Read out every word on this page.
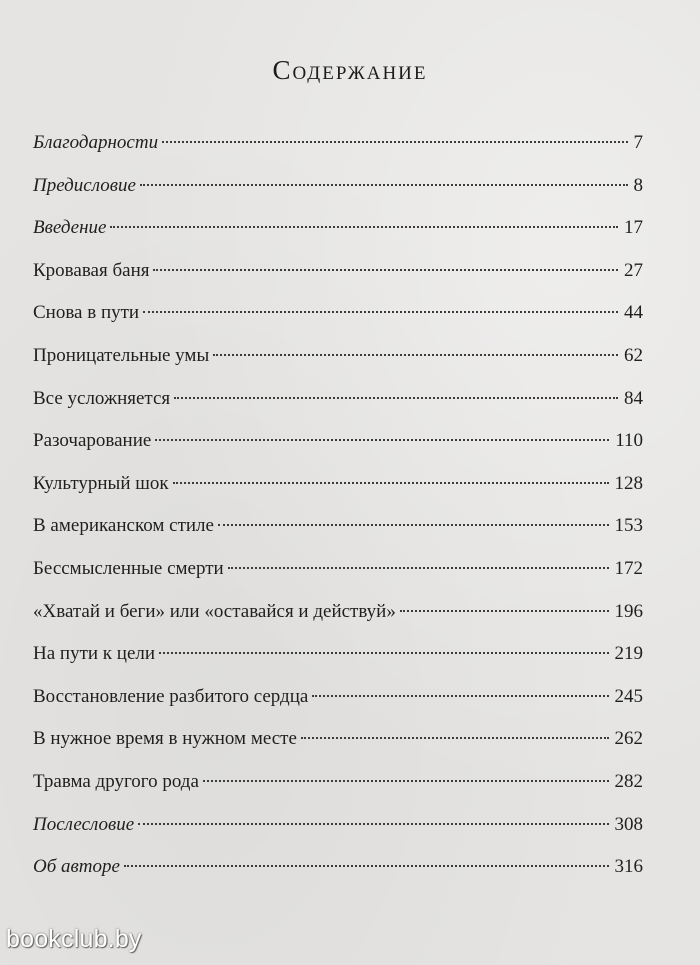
Содержание
Благодарности	7
Предисловие	8
Введение	17
Кровавая баня	27
Снова в пути	44
Проницательные умы	62
Все усложняется	84
Разочарование	110
Культурный шок	128
В американском стиле	153
Бессмысленные смерти	172
«Хватай и беги» или «оставайся и действуй»	196
На пути к цели	219
Восстановление разбитого сердца	245
В нужное время в нужном месте	262
Травма другого рода	282
Послесловие	308
Об авторе	316
bookclub.by
